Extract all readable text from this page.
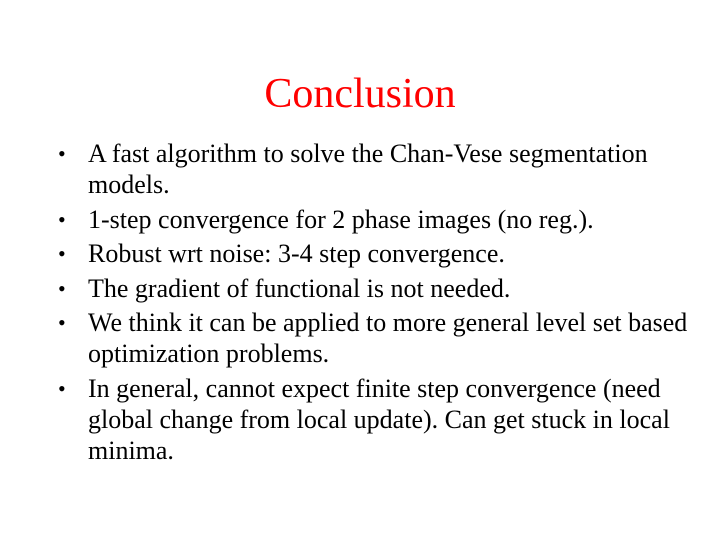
Conclusion
• A fast algorithm to solve the Chan-Vese segmentation models.
• 1-step convergence for 2 phase images (no reg.).
• Robust wrt noise: 3-4 step convergence.
• The gradient of functional is not needed.
• We think it can be applied to more general level set based optimization problems.
• In general, cannot expect finite step convergence (need global change from local update). Can get stuck in local minima.
